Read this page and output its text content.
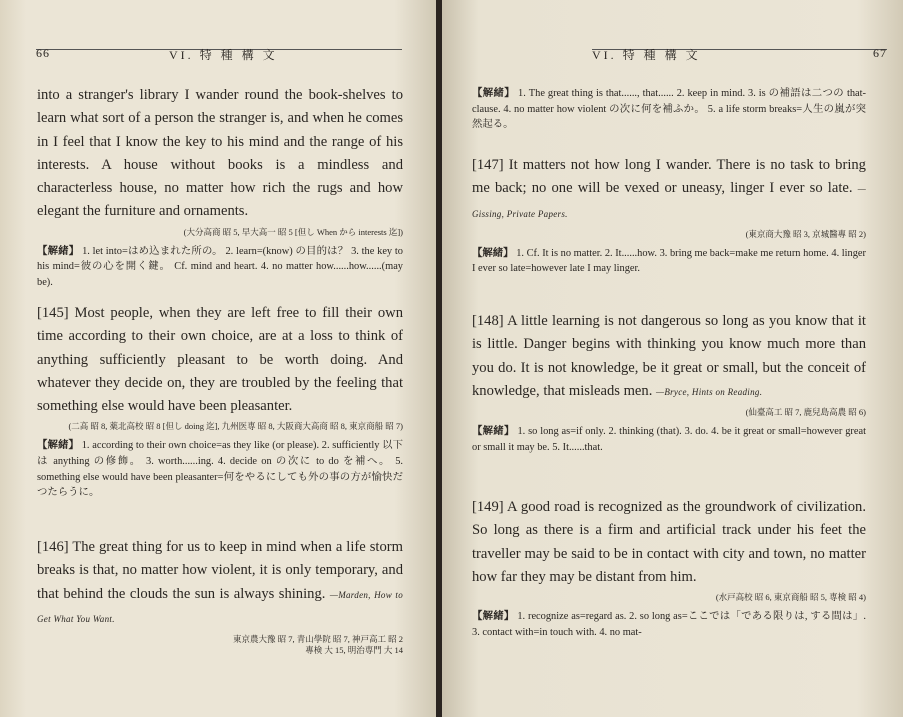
66	VI. 特 種 構 文

into a stranger's library I wander round the book-shelves to learn what sort of a person the stranger is, and when he comes in I feel that I know the key to his mind and the range of his interests. A house without books is a mindless and characterless house, no matter how rich the rugs and how elegant the furniture and ornaments.

(大分高商 昭 5, 早大高一 昭 5 [但し When から interests 迄])

【解緒】 1. let into=はめ込まれた所の。 2. learn=(know) の目的は？ 3. the key to his mind=彼の心を開く鍵。 Cf. mind and heart. 4. no matter how......how......(may be).

[145] Most people, when they are left free to fill their own time according to their own choice, are at a loss to think of anything sufficiently pleasant to be worth doing. And whatever they decide on, they are troubled by the feeling that something else would have been pleasanter.

(二高 昭 8, 薬北高校 昭 8 [但し doing 迄], 九州医専 昭 8, 大阪商大高商 昭 8, 東京商船 昭 7)

【解緒】 1. according to their own choice=as they like (or please). 2. sufficiently 以下は anything の修飾。 3. worth......ing. 4. decide on の次に to do を補へ。 5. something else would have been pleasanter=何をやるにしても外の事の方が愉快だつたらうに。

[146] The great thing for us to keep in mind when a life storm breaks is that, no matter how violent, it is only temporary, and that behind the clouds the sun is always shining. —Marden, How to Get What You Want.

東京農大豫 昭 7, 青山學院 昭 7, 神戸高工 昭 2
專検 大 15, 明治専門 大 14
VI. 特 種 構 文	67

【解緒】 1. The great thing is that......, that...... 2. keep in mind. 3. is の補語は二つの that-clause. 4. no matter how violent の次に何を補ふか。 5. a life storm breaks=人生の嵐が突然起る。

[147] It matters not how long I wander. There is no task to bring me back; no one will be vexed or uneasy, linger I ever so late. —Gissing, Private Papers.

(東京商大豫 昭 3, 京城醫專 昭 2)

【解緒】 1. Cf. It is no matter. 2. It......how. 3. bring me back=make me return home. 4. linger I ever so late=however late I may linger.

[148] A little learning is not dangerous so long as you know that it is little. Danger begins with thinking you know much more than you do. It is not knowledge, be it great or small, but the conceit of knowledge, that misleads men. —Bryce, Hints on Reading.

(仙臺高工 昭 7, 鹿兒島高農 昭 6)

【解緒】 1. so long as=if only. 2. thinking (that). 3. do. 4. be it great or small=however great or small it may be. 5. It......that.

[149] A good road is recognized as the groundwork of civilization. So long as there is a firm and artificial track under his feet the traveller may be said to be in contact with city and town, no matter how far they may be distant from him.

(水戸高校 昭 6, 東京商船 昭 5, 専検 昭 4)

【解緒】 1. recognize as=regard as. 2. so long as=ここでは「である限りは, する間は」. 3. contact with=in touch with. 4. no mat-
